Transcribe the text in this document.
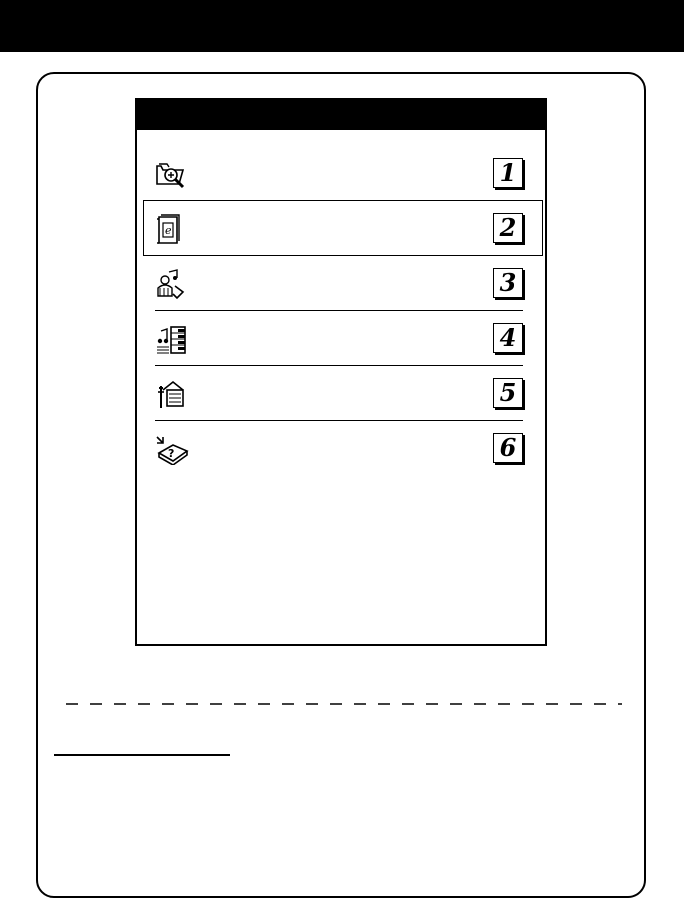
1
e	2
3
4
5
?	6
